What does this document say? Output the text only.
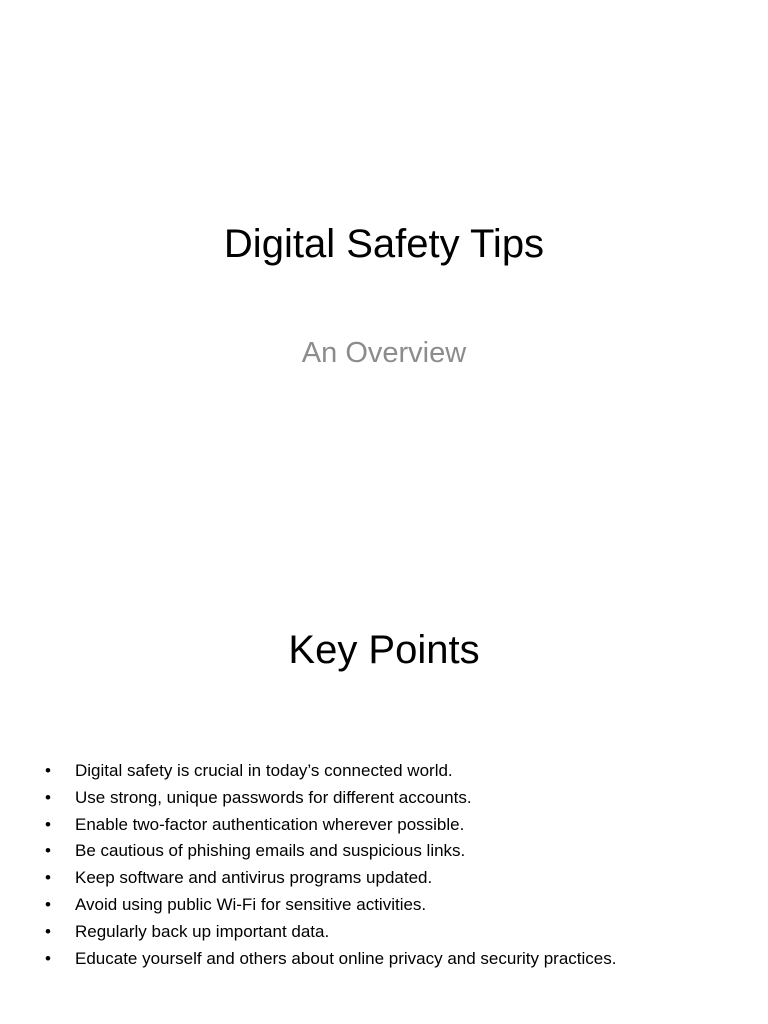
Digital Safety Tips

An Overview

Key Points
• Digital safety is crucial in today’s connected world.
• Use strong, unique passwords for different accounts.
• Enable two-factor authentication wherever possible.
• Be cautious of phishing emails and suspicious links.
• Keep software and antivirus programs updated.
• Avoid using public Wi-Fi for sensitive activities.
• Regularly back up important data.
• Educate yourself and others about online privacy and security practices.
